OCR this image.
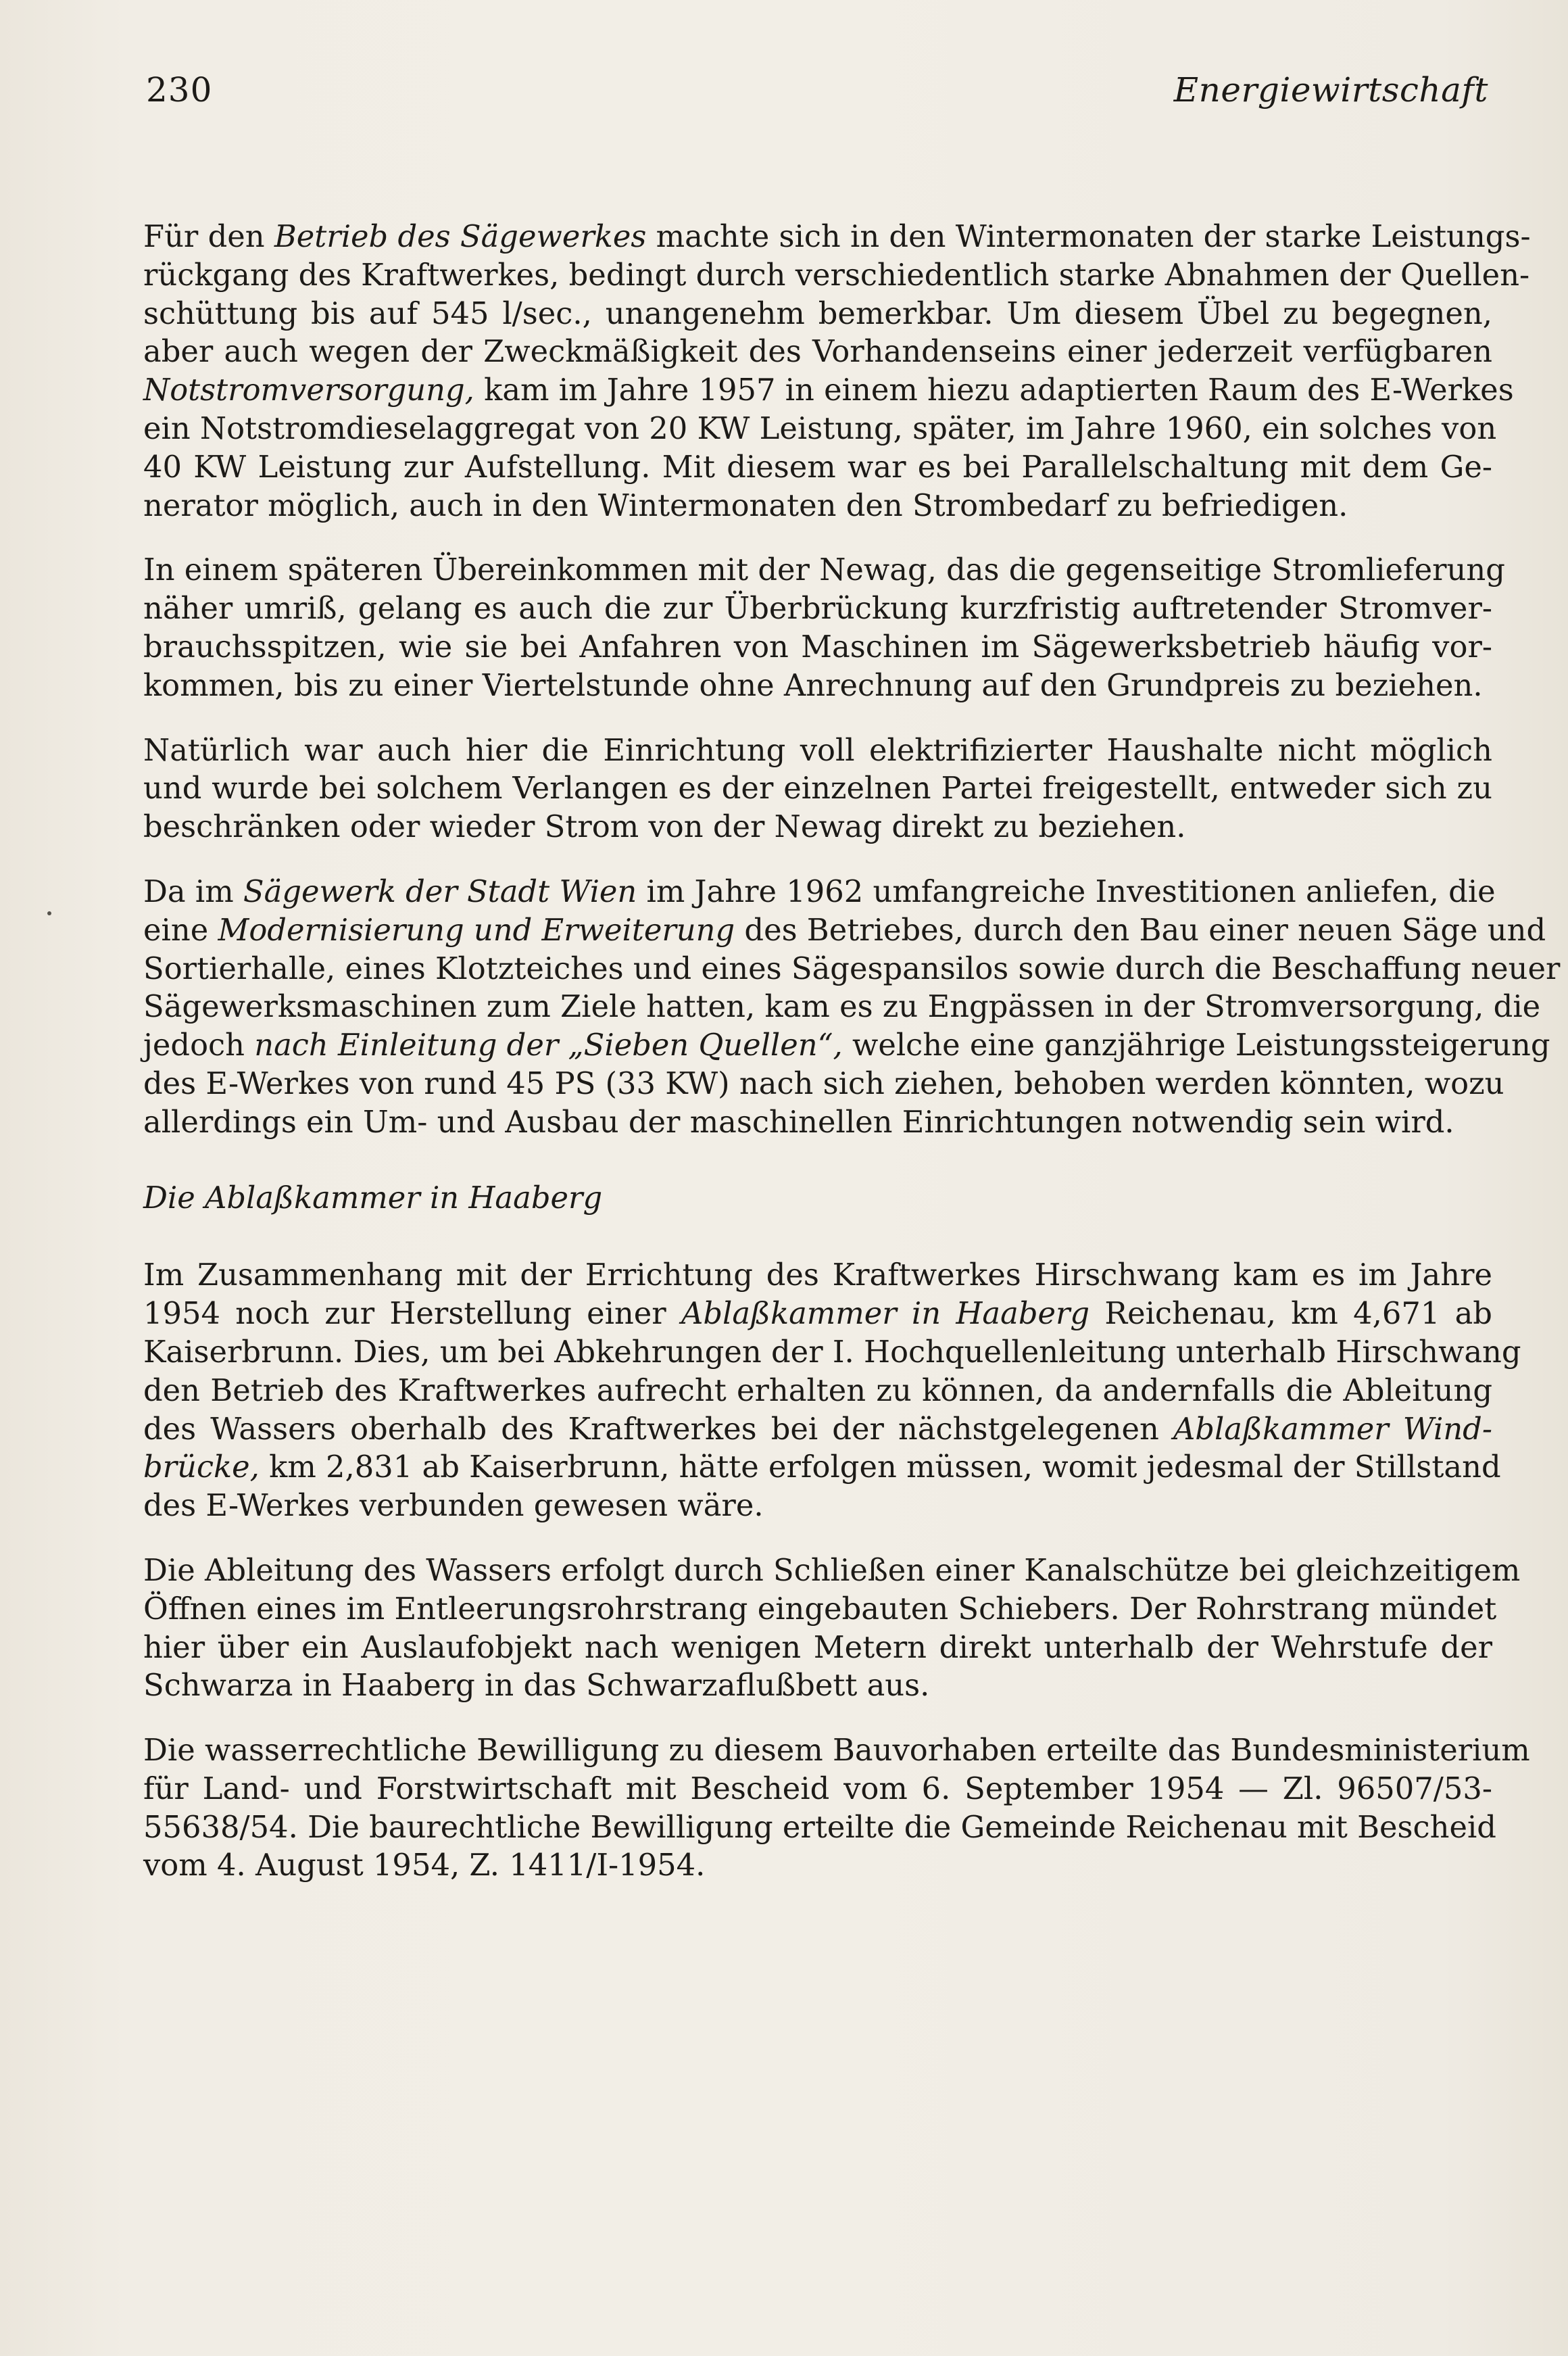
230	Energiewirtschaft

Für den Betrieb des Sägewerkes machte sich in den Wintermonaten der starke Leistungs-
rückgang des Kraftwerkes, bedingt durch verschiedentlich starke Abnahmen der Quellen-
schüttung bis auf 545 l/sec., unangenehm bemerkbar. Um diesem Übel zu begegnen,
aber auch wegen der Zweckmäßigkeit des Vorhandenseins einer jederzeit verfügbaren
Notstromversorgung, kam im Jahre 1957 in einem hiezu adaptierten Raum des E-Werkes
ein Notstromdieselaggregat von 20 KW Leistung, später, im Jahre 1960, ein solches von
40 KW Leistung zur Aufstellung. Mit diesem war es bei Parallelschaltung mit dem Ge-
nerator möglich, auch in den Wintermonaten den Strombedarf zu befriedigen.

In einem späteren Übereinkommen mit der Newag, das die gegenseitige Stromlieferung
näher umriß, gelang es auch die zur Überbrückung kurzfristig auftretender Stromver-
brauchsspitzen, wie sie bei Anfahren von Maschinen im Sägewerksbetrieb häufig vor-
kommen, bis zu einer Viertelstunde ohne Anrechnung auf den Grundpreis zu beziehen.

Natürlich war auch hier die Einrichtung voll elektrifizierter Haushalte nicht möglich
und wurde bei solchem Verlangen es der einzelnen Partei freigestellt, entweder sich zu
beschränken oder wieder Strom von der Newag direkt zu beziehen.

Da im Sägewerk der Stadt Wien im Jahre 1962 umfangreiche Investitionen anliefen, die
eine Modernisierung und Erweiterung des Betriebes, durch den Bau einer neuen Säge und
Sortierhalle, eines Klotzteiches und eines Sägespansilos sowie durch die Beschaffung neuer
Sägewerksmaschinen zum Ziele hatten, kam es zu Engpässen in der Stromversorgung, die
jedoch nach Einleitung der „Sieben Quellen“, welche eine ganzjährige Leistungssteigerung
des E-Werkes von rund 45 PS (33 KW) nach sich ziehen, behoben werden könnten, wozu
allerdings ein Um- und Ausbau der maschinellen Einrichtungen notwendig sein wird.

Die Ablaßkammer in Haaberg

Im Zusammenhang mit der Errichtung des Kraftwerkes Hirschwang kam es im Jahre
1954 noch zur Herstellung einer Ablaßkammer in Haaberg Reichenau, km 4,671 ab
Kaiserbrunn. Dies, um bei Abkehrungen der I. Hochquellenleitung unterhalb Hirschwang
den Betrieb des Kraftwerkes aufrecht erhalten zu können, da andernfalls die Ableitung
des Wassers oberhalb des Kraftwerkes bei der nächstgelegenen Ablaßkammer Wind-
brücke, km 2,831 ab Kaiserbrunn, hätte erfolgen müssen, womit jedesmal der Stillstand
des E-Werkes verbunden gewesen wäre.

Die Ableitung des Wassers erfolgt durch Schließen einer Kanalschütze bei gleichzeitigem
Öffnen eines im Entleerungsrohrstrang eingebauten Schiebers. Der Rohrstrang mündet
hier über ein Auslaufobjekt nach wenigen Metern direkt unterhalb der Wehrstufe der
Schwarza in Haaberg in das Schwarzaflußbett aus.

Die wasserrechtliche Bewilligung zu diesem Bauvorhaben erteilte das Bundesministerium
für Land- und Forstwirtschaft mit Bescheid vom 6. September 1954 — Zl. 96507/53-
55638/54. Die baurechtliche Bewilligung erteilte die Gemeinde Reichenau mit Bescheid
vom 4. August 1954, Z. 1411/I-1954.
